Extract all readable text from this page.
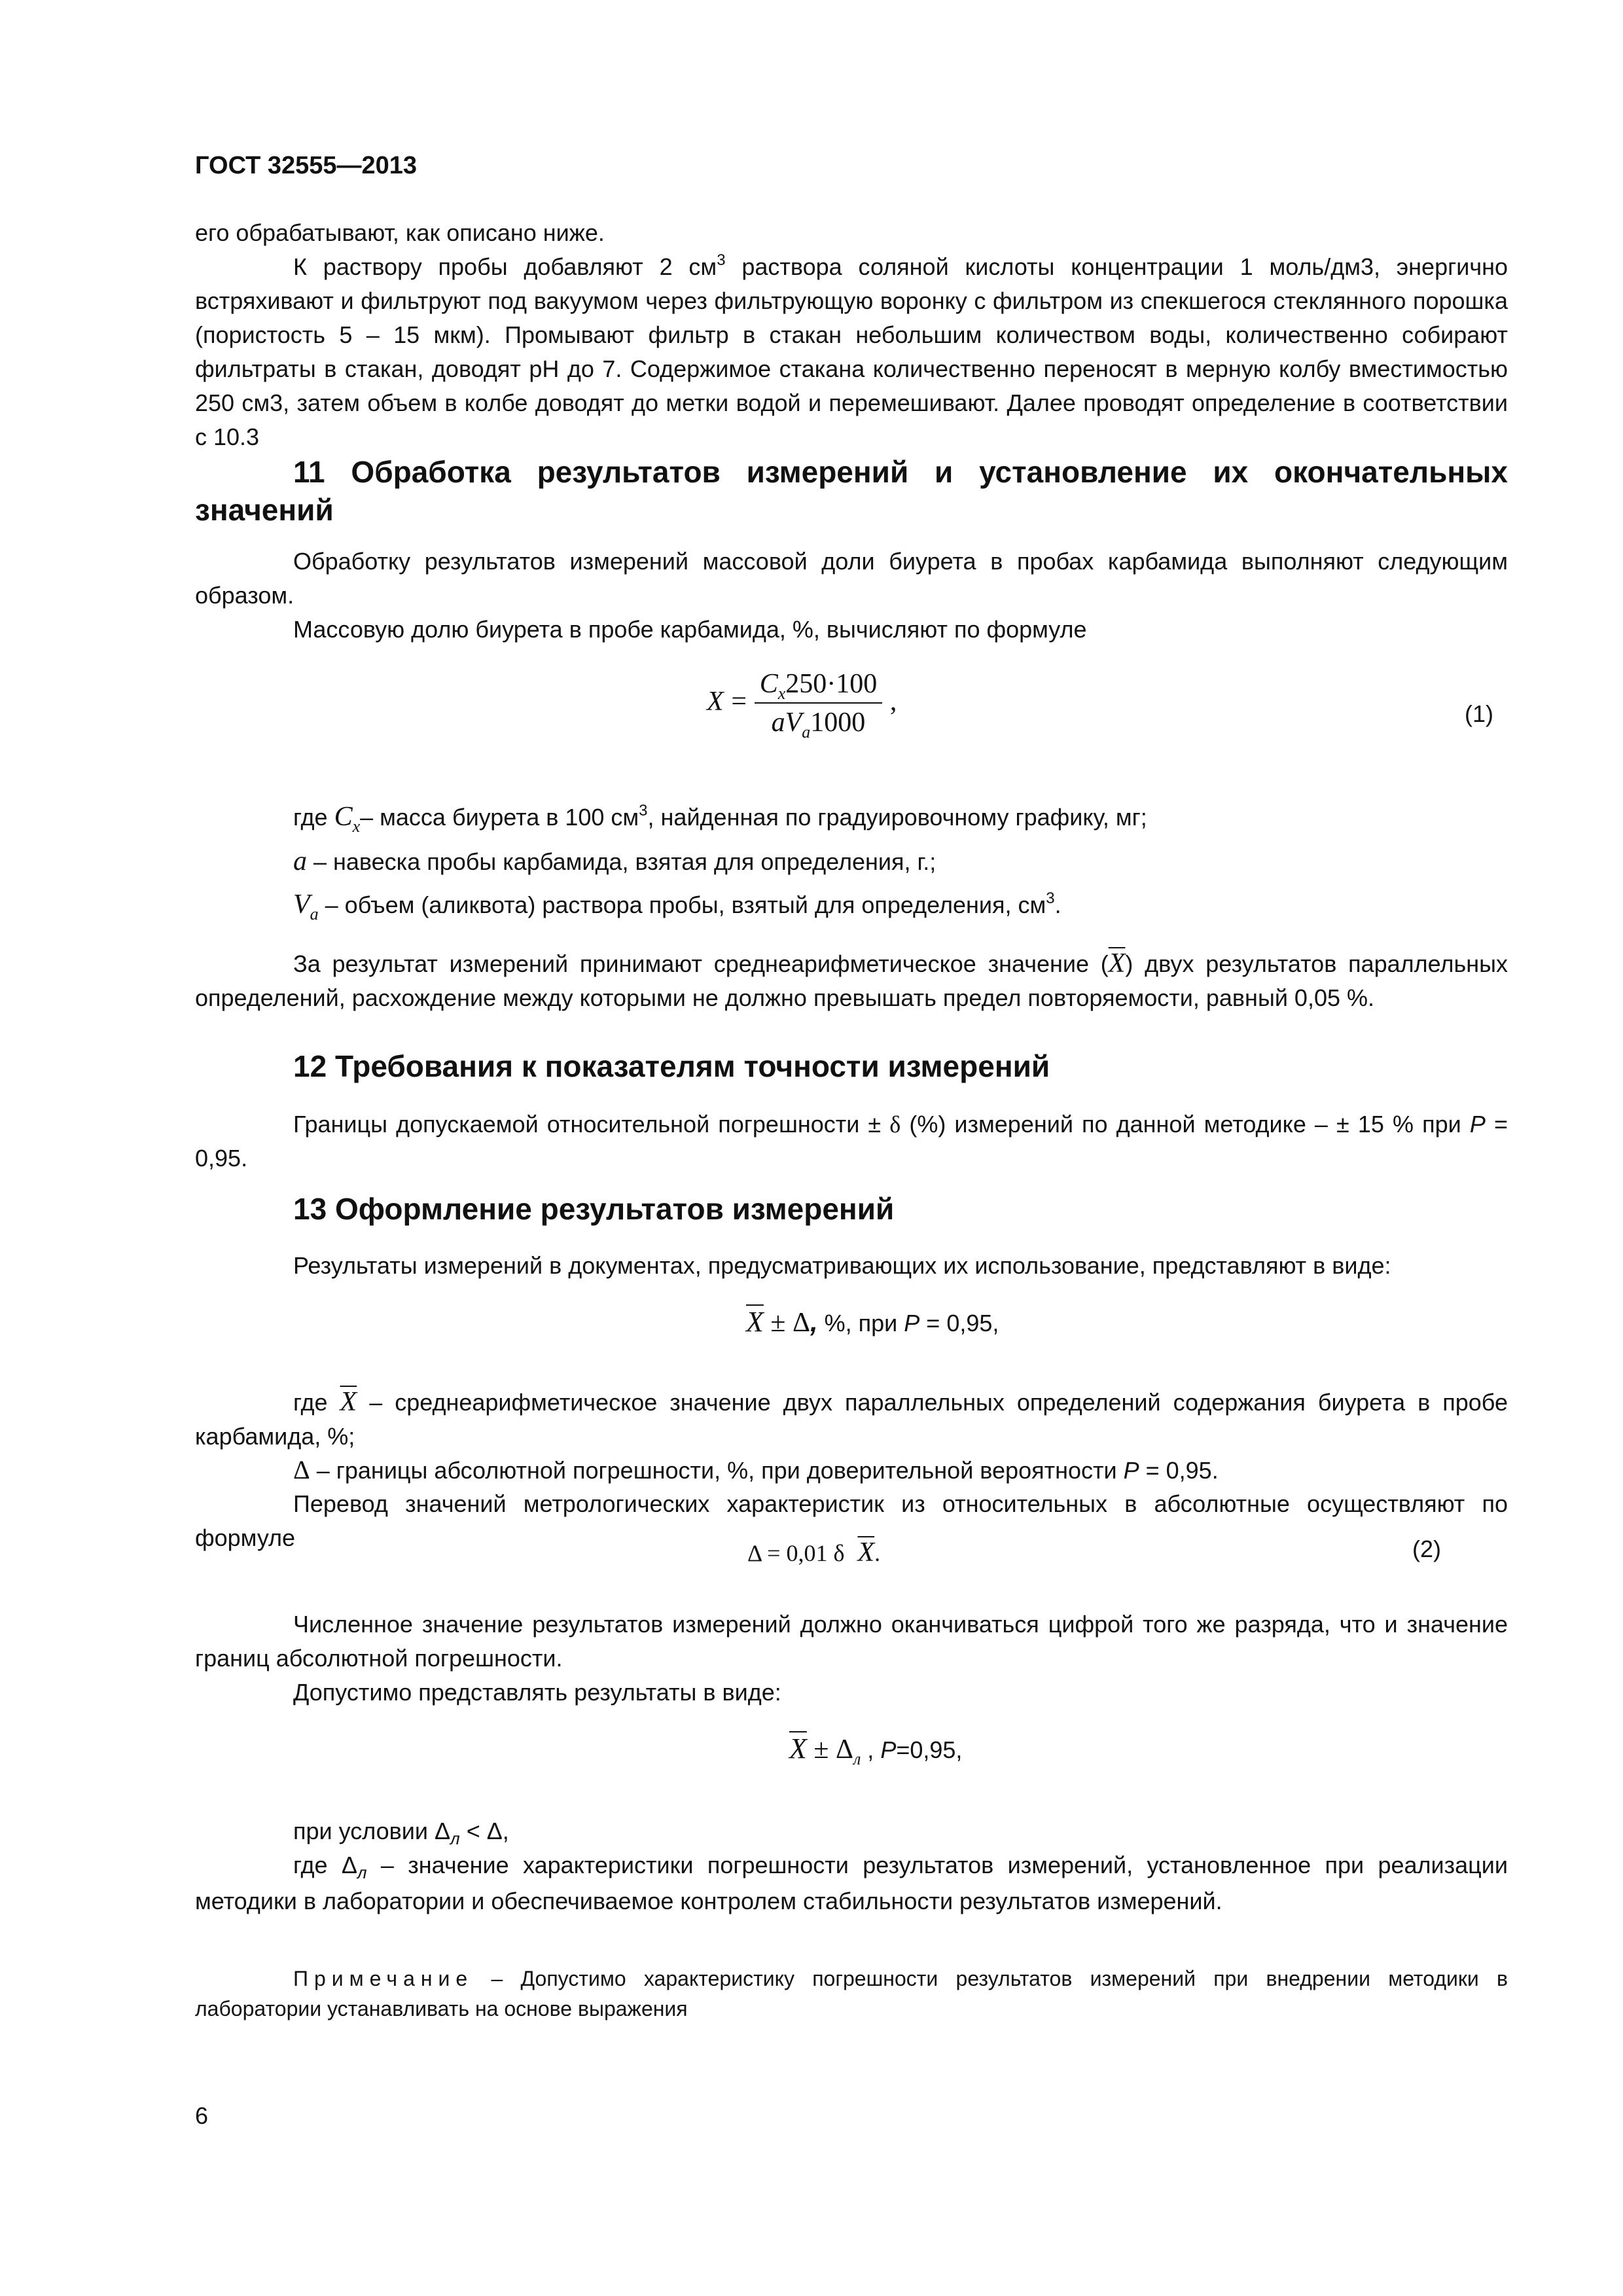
ГОСТ 32555—2013

его обрабатывают, как описано ниже.

К раствору пробы добавляют 2 $см^3$ раствора соляной кислоты концентрации 1 моль/дм3, энергично встряхивают и фильтруют под вакуумом через фильтрующую воронку с фильтром из спекшегося стеклянного порошка (пористость 5 – 15 мкм). Промывают фильтр в стакан небольшим количеством воды, количественно собирают фильтраты в стакан, доводят рН до 7. Содержимое стакана количественно переносят в мерную колбу вместимостью 250 см3, затем объем в колбе доводят до метки водой и перемешивают. Далее проводят определение в соответствии с 10.3

11 Обработка результатов измерений и установление их окончательных значений

Обработку результатов измерений массовой доли биурета в пробах карбамида выполняют следующим образом.

Массовую долю биурета в пробе карбамида, %, вычисляют по формуле

$X = \frac{C_x250\cdot 100}{aV_a1000}$ ,	(1)
где $C_x-$ масса биурета в 100 $см^3$, найденная по градуировочному графику, мг;
a – навеска пробы карбамида, взятая для определения, г.;
$V_a$ – объем (аликвота) раствора пробы, взятый для определения, $см^3$.

За результат измерений принимают среднеарифметическое значение $(\overline{X})$ двух результатов параллельных определений, расхождение между которыми не должно превышать предел повторяемости, равный 0,05 %.

12 Требования к показателям точности измерений

Границы допускаемой относительной погрешности ± δ (%) измерений по данной методике – ± 15 % при P = 0,95.

13 Оформление результатов измерений

Результаты измерений в документах, предусматривающих их использование, представляют в виде:

$\overline{X} \pm \Delta$, %, при P = 0,95,

где $\overline{X}$ – среднеарифметическое значение двух параллельных определений содержания биурета в пробе карбамида, %;

Δ – границы абсолютной погрешности, %, при доверительной вероятности P = 0,95.

Перевод значений метрологических характеристик из относительных в абсолютные осуществляют по формуле

Δ = 0,01 δ $\overline{X}$.	(2)

Численное значение результатов измерений должно оканчиваться цифрой того же разряда, что и значение границ абсолютной погрешности.

Допустимо представлять результаты в виде:

$\overline{X} \pm \Delta_л$ , P=0,95,
при условии $\Delta_л < \Delta$,

где $\Delta_л$ – значение характеристики погрешности результатов измерений, установленное при реализации методики в лаборатории и обеспечиваемое контролем стабильности результатов измерений.

Примечание – Допустимо характеристику погрешности результатов измерений при внедрении методики в лаборатории устанавливать на основе выражения

6
